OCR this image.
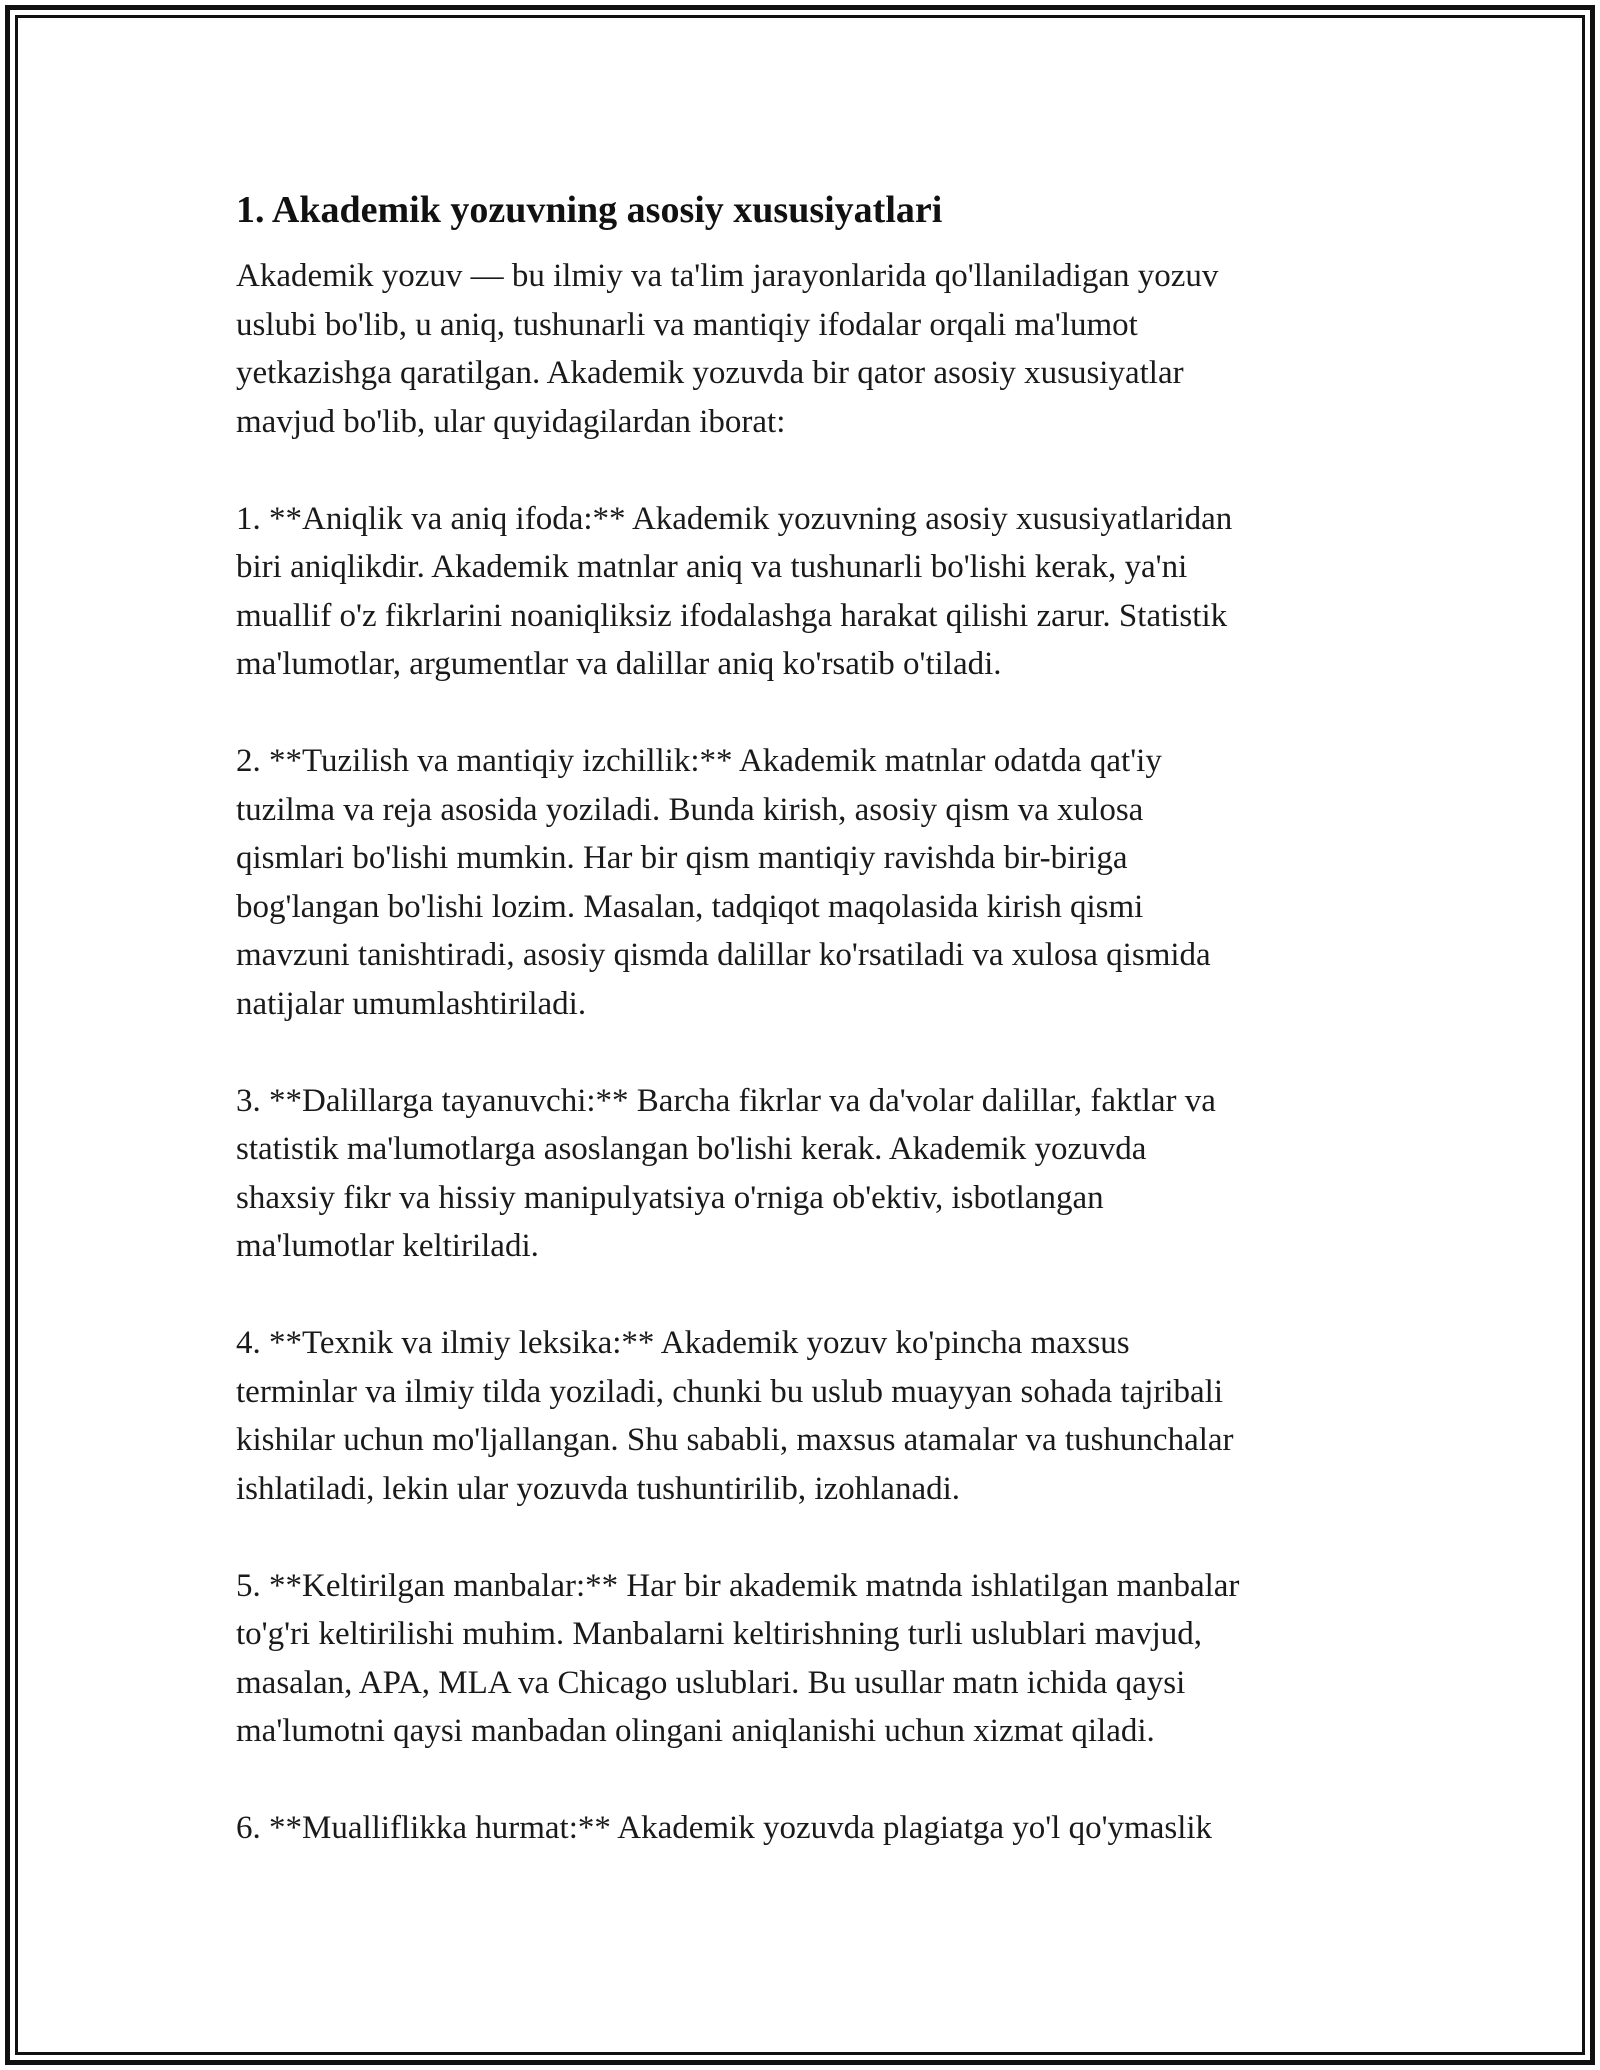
1. Akademik yozuvning asosiy xususiyatlari

Akademik yozuv — bu ilmiy va ta'lim jarayonlarida qo'llaniladigan yozuv
uslubi bo'lib, u aniq, tushunarli va mantiqiy ifodalar orqali ma'lumot
yetkazishga qaratilgan. Akademik yozuvda bir qator asosiy xususiyatlar
mavjud bo'lib, ular quyidagilardan iborat:

1. **Aniqlik va aniq ifoda:** Akademik yozuvning asosiy xususiyatlaridan
biri aniqlikdir. Akademik matnlar aniq va tushunarli bo'lishi kerak, ya'ni
muallif o'z fikrlarini noaniqliksiz ifodalashga harakat qilishi zarur. Statistik
ma'lumotlar, argumentlar va dalillar aniq ko'rsatib o'tiladi.

2. **Tuzilish va mantiqiy izchillik:** Akademik matnlar odatda qat'iy
tuzilma va reja asosida yoziladi. Bunda kirish, asosiy qism va xulosa
qismlari bo'lishi mumkin. Har bir qism mantiqiy ravishda bir-biriga
bog'langan bo'lishi lozim. Masalan, tadqiqot maqolasida kirish qismi
mavzuni tanishtiradi, asosiy qismda dalillar ko'rsatiladi va xulosa qismida
natijalar umumlashtiriladi.

3. **Dalillarga tayanuvchi:** Barcha fikrlar va da'volar dalillar, faktlar va
statistik ma'lumotlarga asoslangan bo'lishi kerak. Akademik yozuvda
shaxsiy fikr va hissiy manipulyatsiya o'rniga ob'ektiv, isbotlangan
ma'lumotlar keltiriladi.

4. **Texnik va ilmiy leksika:** Akademik yozuv ko'pincha maxsus
terminlar va ilmiy tilda yoziladi, chunki bu uslub muayyan sohada tajribali
kishilar uchun mo'ljallangan. Shu sababli, maxsus atamalar va tushunchalar
ishlatiladi, lekin ular yozuvda tushuntirilib, izohlanadi.

5. **Keltirilgan manbalar:** Har bir akademik matnda ishlatilgan manbalar
to'g'ri keltirilishi muhim. Manbalarni keltirishning turli uslublari mavjud,
masalan, APA, MLA va Chicago uslublari. Bu usullar matn ichida qaysi
ma'lumotni qaysi manbadan olingani aniqlanishi uchun xizmat qiladi.

6. **Mualliflikka hurmat:** Akademik yozuvda plagiatga yo'l qo'ymaslik
